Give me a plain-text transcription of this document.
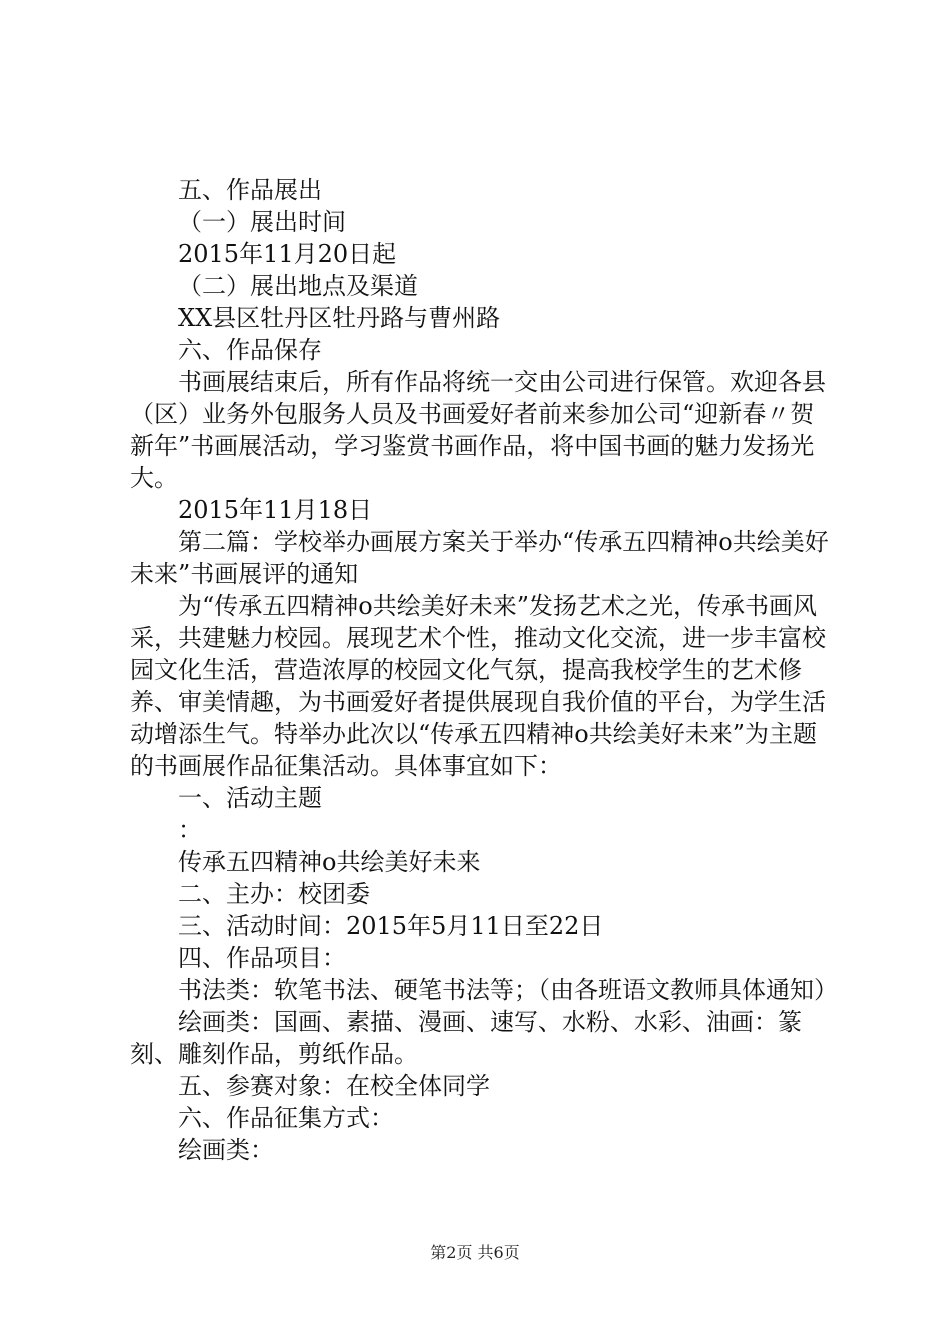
五、作品展出

（一）展出时间

2015年11月20日起

（二）展出地点及渠道

XX县区牡丹区牡丹路与曹州路

六、作品保存

书画展结束后，所有作品将统一交由公司进行保管。欢迎各县（区）业务外包服务人员及书画爱好者前来参加公司“迎新春〃贺新年”书画展活动，学习鉴赏书画作品，将中国书画的魅力发扬光大。

2015年11月18日

第二篇：学校举办画展方案关于举办“传承五四精神o共绘美好未来”书画展评的通知

为“传承五四精神o共绘美好未来”发扬艺术之光，传承书画风采，共建魅力校园。展现艺术个性，推动文化交流，进一步丰富校园文化生活，营造浓厚的校园文化气氛，提高我校学生的艺术修养、审美情趣，为书画爱好者提供展现自我价值的平台，为学生活动增添生气。特举办此次以“传承五四精神o共绘美好未来”为主题的书画展作品征集活动。具体事宜如下：

一、活动主题

：

传承五四精神o共绘美好未来

二、主办：校团委

三、活动时间：2015年5月11日至22日

四、作品项目：

书法类：软笔书法、硬笔书法等；（由各班语文教师具体通知）

绘画类：国画、素描、漫画、速写、水粉、水彩、油画：篆刻、雕刻作品，剪纸作品。

五、参赛对象：在校全体同学

六、作品征集方式：

绘画类：

第2页 共6页
